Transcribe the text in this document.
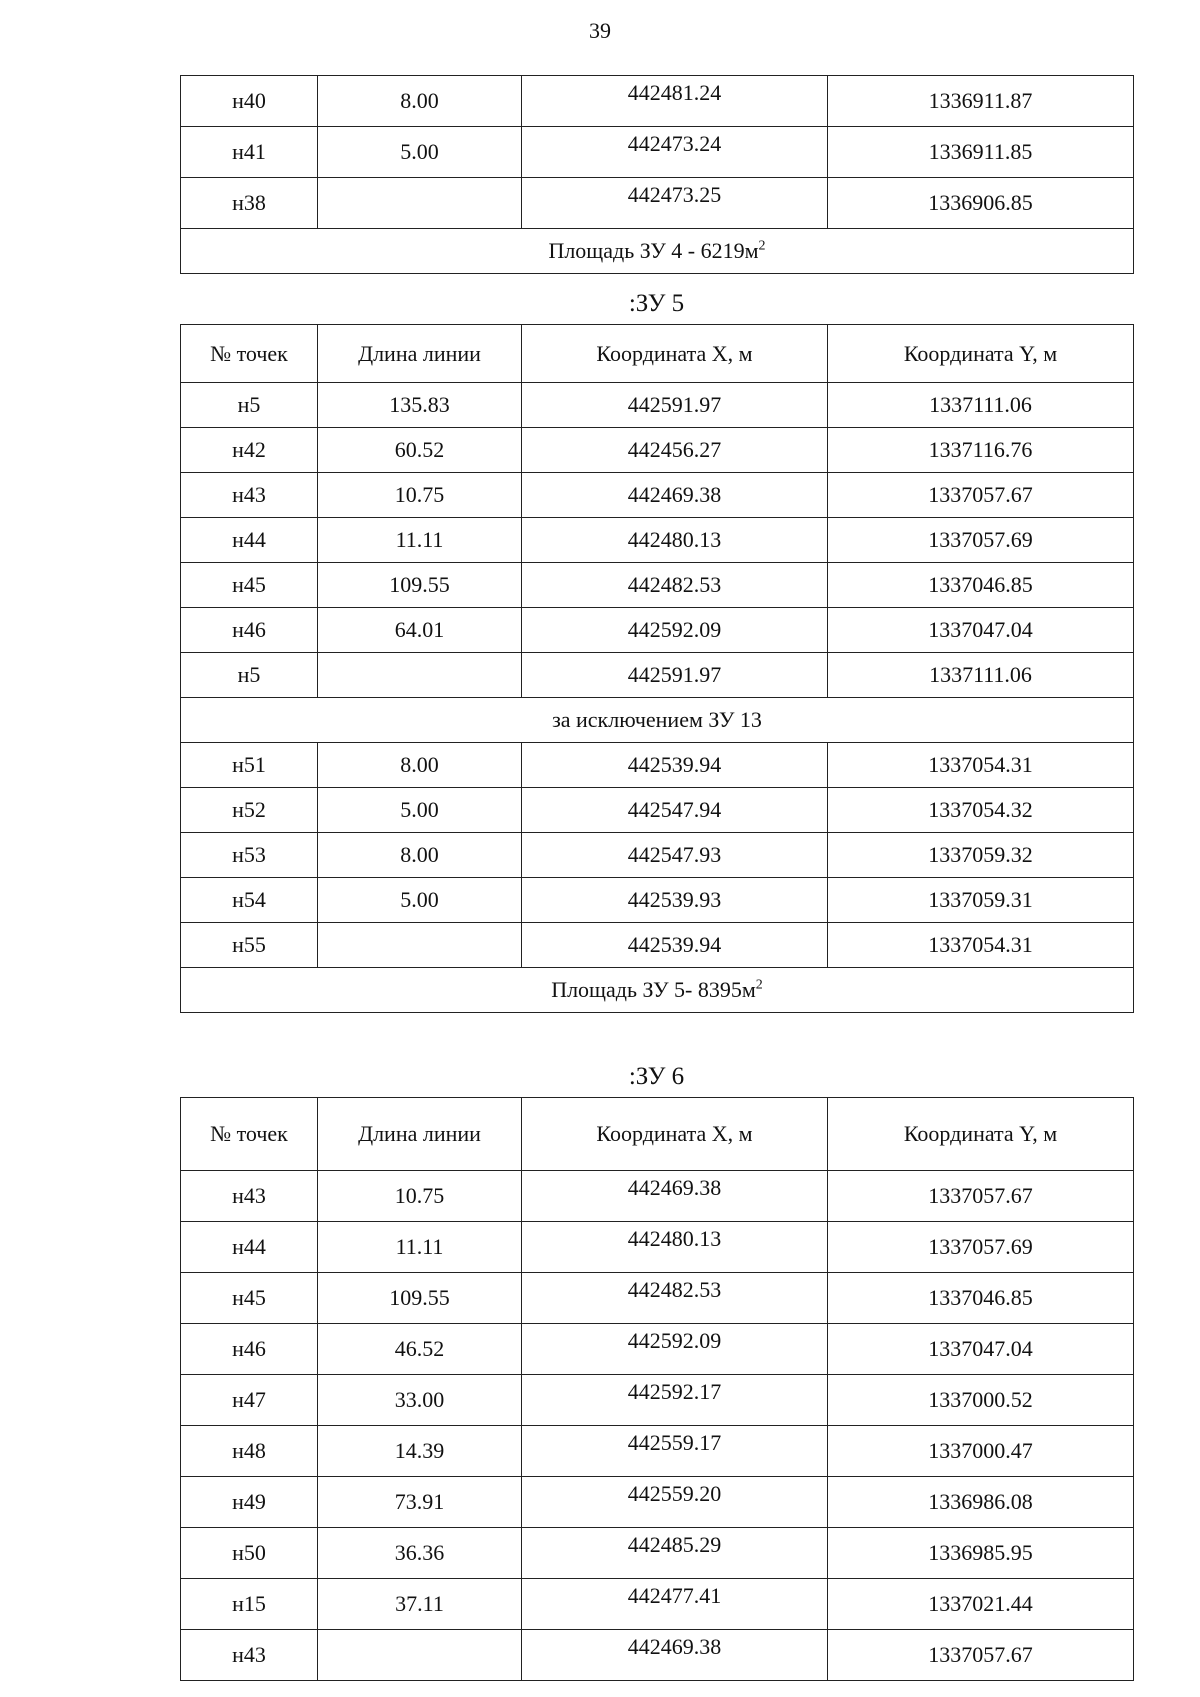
39
н40	8.00	442481.24	1336911.87
н41	5.00	442473.24	1336911.85
н38		442473.25	1336906.85
Площадь ЗУ $4 - 6219м^2$
:ЗУ 5
№ точек	Длина линии	Координата X, м	Координата Y, м
н5	135.83	442591.97	1337111.06
н42	60.52	442456.27	1337116.76
н43	10.75	442469.38	1337057.67
н44	11.11	442480.13	1337057.69
н45	109.55	442482.53	1337046.85
н46	64.01	442592.09	1337047.04
н5		442591.97	1337111.06
за исключением ЗУ 13			
н51	8.00	442539.94	1337054.31
н52	5.00	442547.94	1337054.32
н53	8.00	442547.93	1337059.32
н54	5.00	442539.93	1337059.31
н55		442539.94	1337054.31
Площадь ЗУ 5- $8395м^2$
:ЗУ 6
№ точек	Длина линии	Координата X, м	Координата Y, м
н43	10.75	442469.38	1337057.67
н44	11.11	442480.13	1337057.69
н45	109.55	442482.53	1337046.85
н46	46.52	442592.09	1337047.04
н47	33.00	442592.17	1337000.52
н48	14.39	442559.17	1337000.47
н49	73.91	442559.20	1336986.08
н50	36.36	442485.29	1336985.95
н15	37.11	442477.41	1337021.44
н43		442469.38	1337057.67
